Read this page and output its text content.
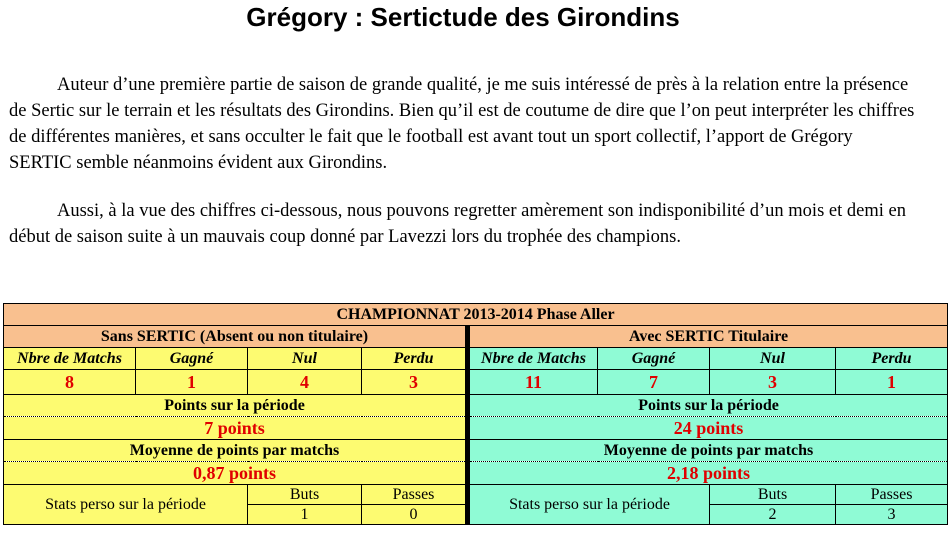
Grégory : Sertictude des Girondins

Auteur d’une première partie de saison de grande qualité, je me suis intéressé de près à la relation entre la présence de Sertic sur le terrain et les résultats des Girondins. Bien qu’il est de coutume de dire que l’on peut interpréter les chiffres de différentes manières, et sans occulter le fait que le football est avant tout un sport collectif, l’apport de Grégory SERTIC semble néanmoins évident aux Girondins.

Aussi, à la vue des chiffres ci-dessous, nous pouvons regretter amèrement son indisponibilité d’un mois et demi en début de saison suite à un mauvais coup donné par Lavezzi lors du trophée des champions.

CHAMPIONNAT 2013-2014 Phase Aller							
Sans SERTIC (Absent ou non titulaire)				Avec SERTIC Titulaire			
Nbre de Matchs	Gagné	Nul	Perdu	Nbre de Matchs	Gagné	Nul	Perdu
8	1	4	3	11	7	3	1
Points sur la période				Points sur la période			
7 points				24 points			
Moyenne de points par matchs				Moyenne de points par matchs			
0,87 points				2,18 points			
Stats perso sur la période		Buts	Passes	Stats perso sur la période		Buts	Passes
		1	0			2	3
